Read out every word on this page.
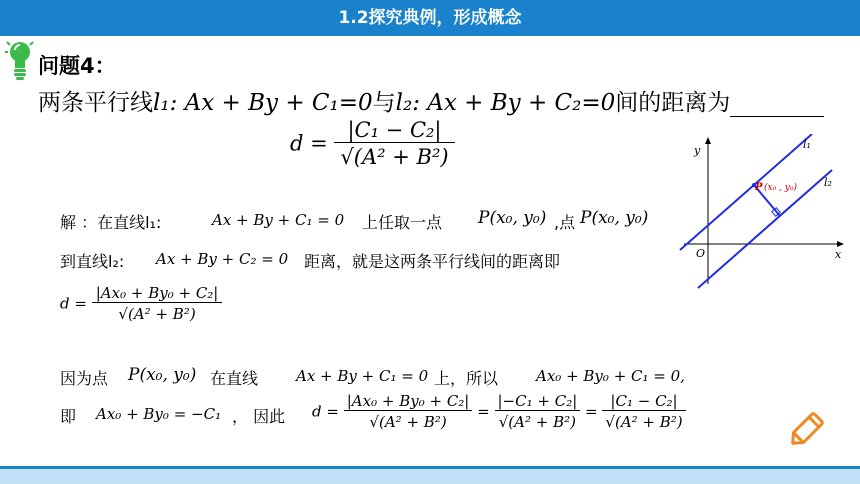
1.2探究典例，形成概念
问题4：
两条平行线l₁: Ax + By + C₁=0与l₂: Ax + By + C₂=0间的距离为
$d = \frac{\text{|C₁ − C₂|}}{\text{√(A² + B²)}}$	y
x
O
P (x₀ , y₀)
l₁
l₂
解 ：在直线l₁:	Ax + By + C₁ = 0 上任取一点 P(x₀, y₀) ,点 P(x₀, y₀)
到直线l₂: Ax + By + C₂ = 0 距离，就是这两条平行线间的距离即
$d = \frac{\text{|Ax₀ + By₀ + C₂|}}{\text{√(A² + B²)}}$
因为点 P(x₀, y₀) 在直线	Ax + By + C₁ = 0 上，所以	Ax₀ + By₀ + C₁ = 0,
即 Ax₀ + By₀ = −C₁ ， 因此 $d = \frac{\text{|Ax₀ + By₀ + C₂|}}{\text{√(A² + B²)}} = \frac{\text{|−C₁ + C₂|}}{\text{√(A² + B²)}} = \frac{\text{|C₁ − C₂|}}{\text{√(A² + B²)}}$
